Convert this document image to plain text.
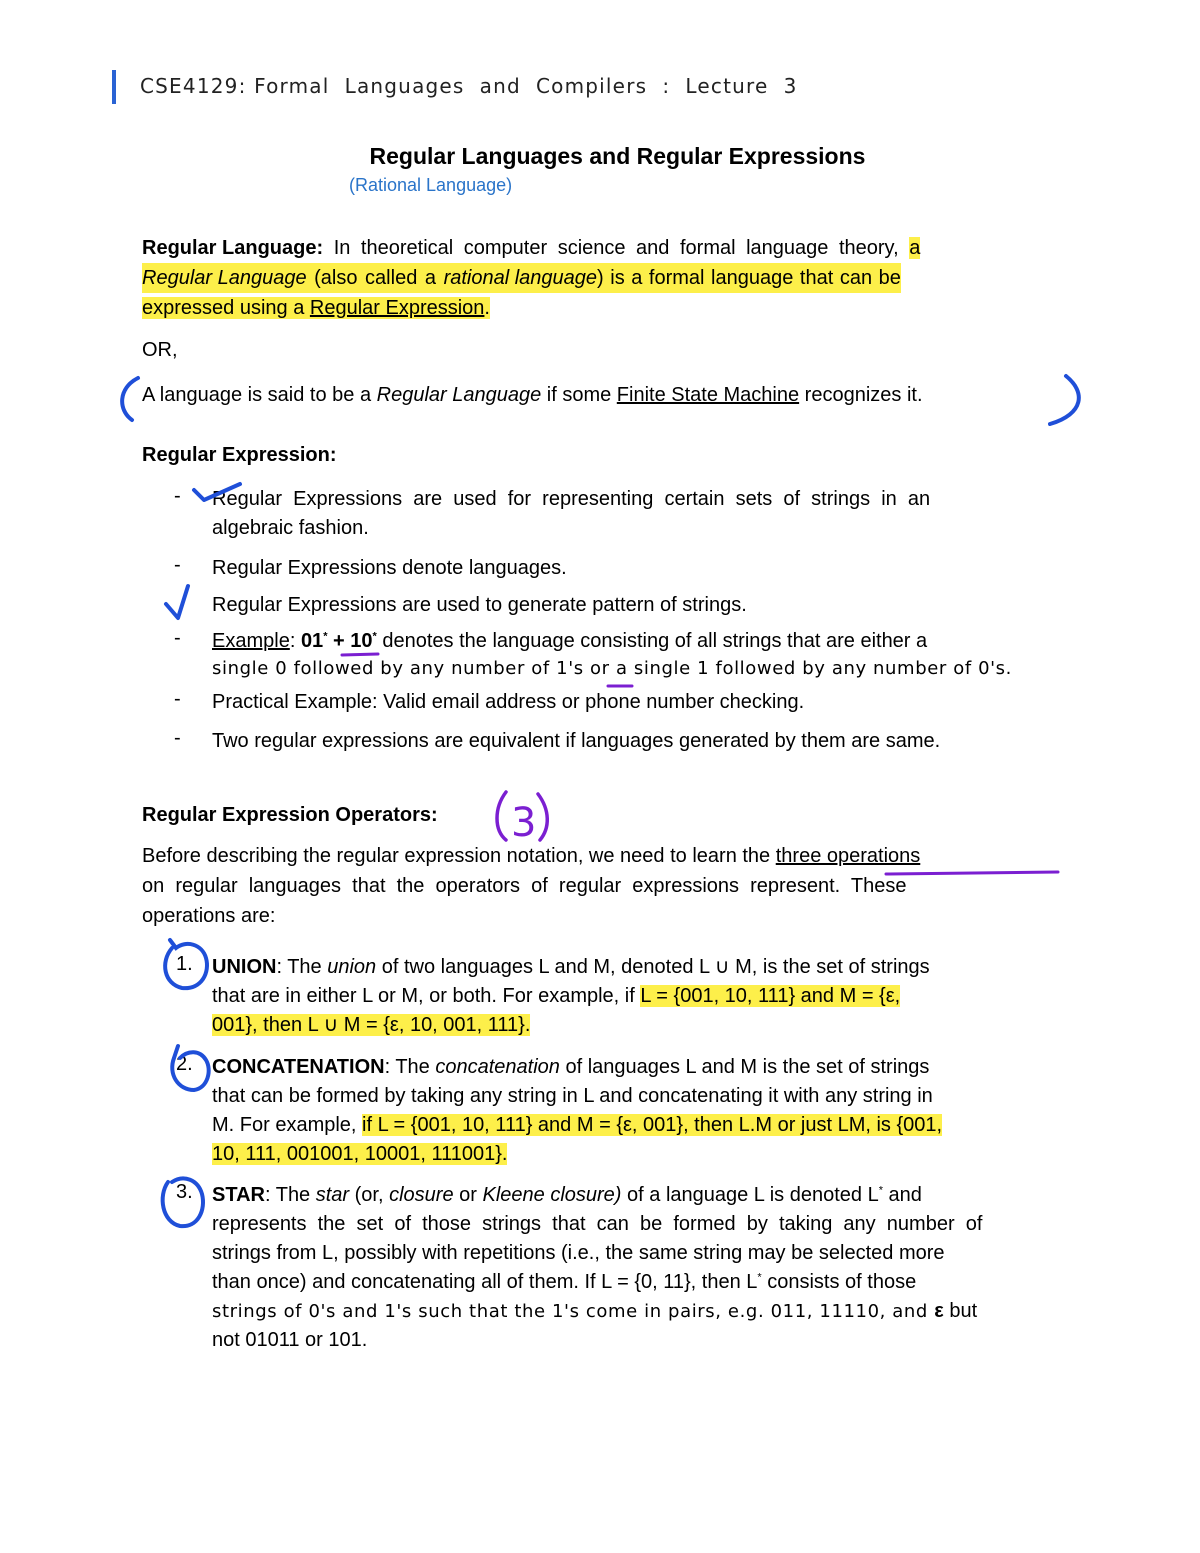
CSE4129: Formal  Languages  and  Compilers  :  Lecture  3
Regular Languages and Regular Expressions
(Rational Language)
Regular Language: In theoretical computer science and formal language theory, a
Regular Language (also called a rational language) is a formal language that can be
expressed using a Regular Expression.
OR,
A language is said to be a Regular Language if some Finite State Machine recognizes it.
Regular Expression:
- Regular  Expressions  are  used  for  representing  certain  sets  of  strings  in  an
algebraic fashion.
- Regular Expressions denote languages.
Regular Expressions are used to generate pattern of strings.
- Example: 01* + 10* denotes the language consisting of all strings that are either a
single 0 followed by any number of 1's or a single 1 followed by any number of 0's.
- Practical Example: Valid email address or phone number checking.
- Two regular expressions are equivalent if languages generated by them are same.
Regular Expression Operators:
Before describing the regular expression notation, we need to learn the three operations
on  regular  languages  that  the  operators  of  regular  expressions  represent.  These
operations are:
1. UNION: The union of two languages L and M, denoted L ∪ M, is the set of strings
that are in either L or M, or both. For example, if L = {001, 10, 111} and M = {ε,
001}, then L ∪ M = {ε, 10, 001, 111}.
2. CONCATENATION: The concatenation of languages L and M is the set of strings
that can be formed by taking any string in L and concatenating it with any string in
M. For example, if L = {001, 10, 111} and M = {ε, 001}, then L.M or just LM, is {001,
10, 111, 001001, 10001, 111001}.
3. STAR: The star (or, closure or Kleene closure) of a language L is denoted L* and
represents  the  set  of  those  strings  that  can  be  formed  by  taking  any  number  of
strings from L, possibly with repetitions (i.e., the same string may be selected more
than once) and concatenating all of them. If L = {0, 11}, then L* consists of those
strings of 0's and 1's such that the 1's come in pairs, e.g. 011, 11110, and ε but
not 01011 or 101.
3
